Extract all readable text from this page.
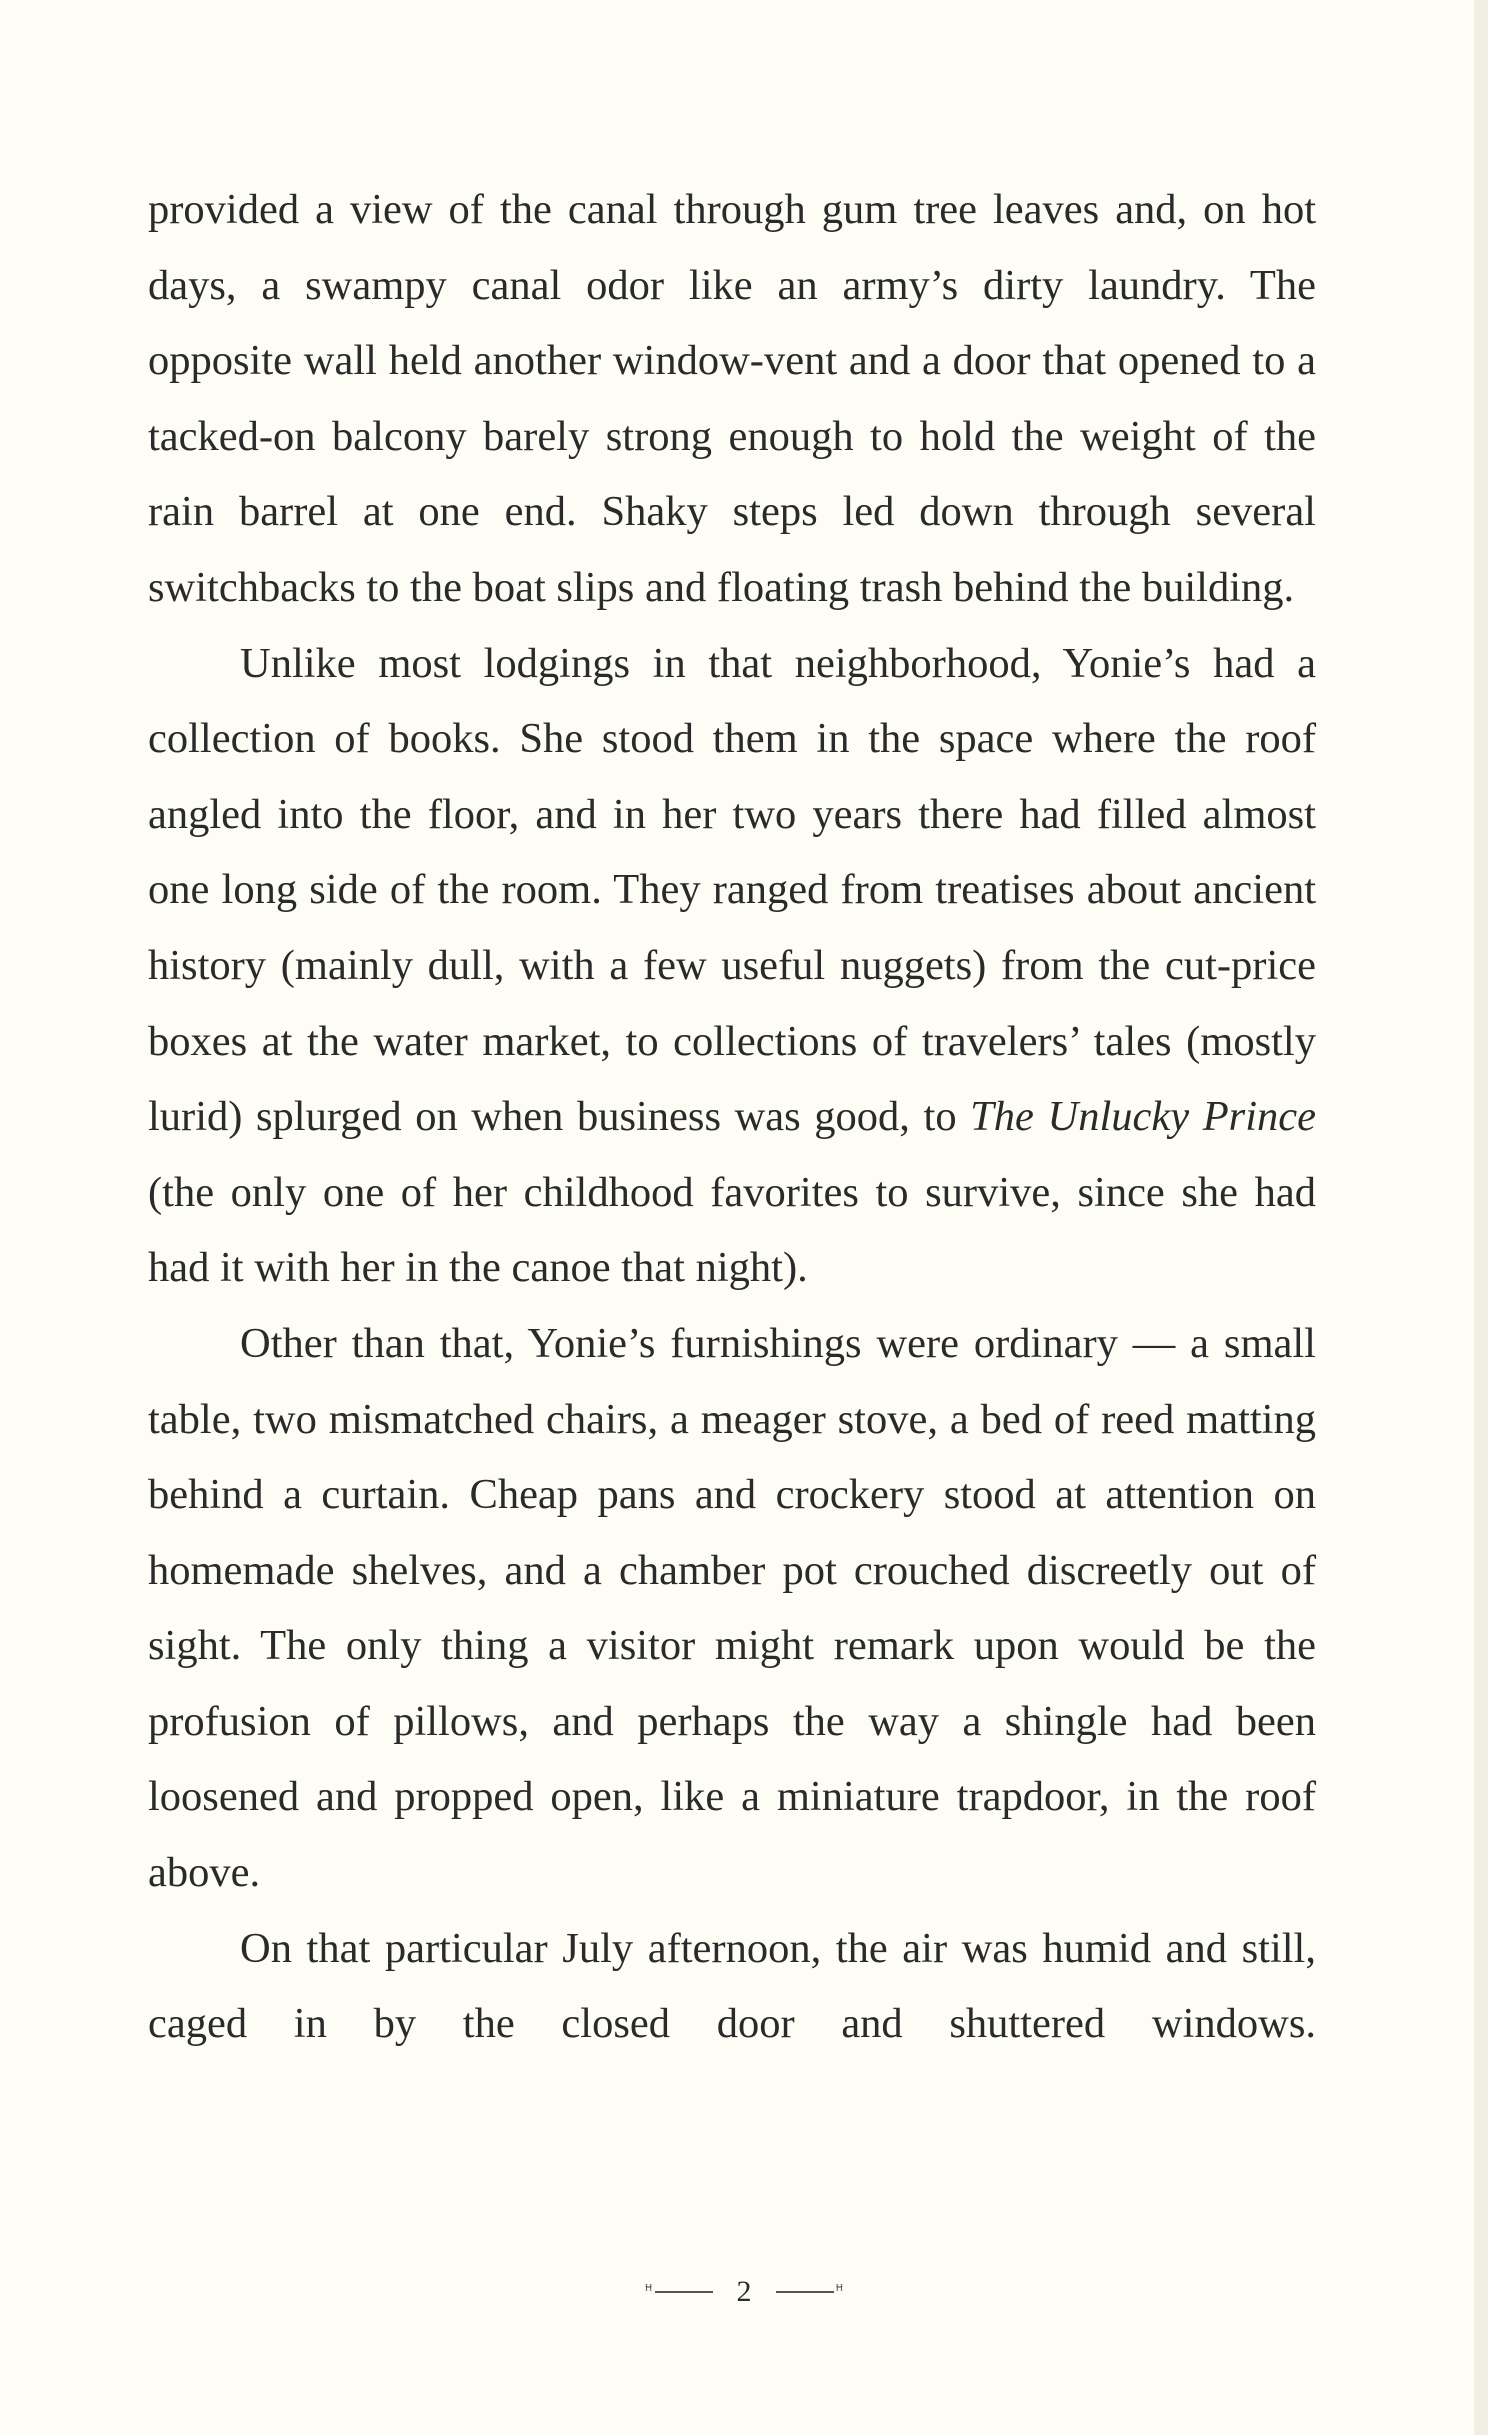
provided a view of the canal through gum tree leaves and, on hot days, a swampy canal odor like an army’s dirty laundry. The opposite wall held another window-vent and a door that opened to a tacked-on balcony barely strong enough to hold the weight of the rain barrel at one end. Shaky steps led down through several switchbacks to the boat slips and floating trash behind the building.

Unlike most lodgings in that neighborhood, Yonie’s had a collection of books. She stood them in the space where the roof angled into the floor, and in her two years there had filled almost one long side of the room. They ranged from treatises about ancient history (mainly dull, with a few useful nuggets) from the cut-price boxes at the water market, to collections of travelers’ tales (mostly lurid) splurged on when business was good, to The Unlucky Prince (the only one of her childhood favorites to survive, since she had had it with her in the canoe that night).

Other than that, Yonie’s furnishings were ordinary — a small table, two mismatched chairs, a meager stove, a bed of reed matting behind a curtain. Cheap pans and crockery stood at attention on homemade shelves, and a chamber pot crouched discreetly out of sight. The only thing a visitor might remark upon would be the profusion of pillows, and perhaps the way a shingle had been loosened and propped open, like a miniature trapdoor, in the roof above.

On that particular July afternoon, the air was humid and still, caged in by the closed door and shuttered windows.

ꟸ	2	ꟸ
